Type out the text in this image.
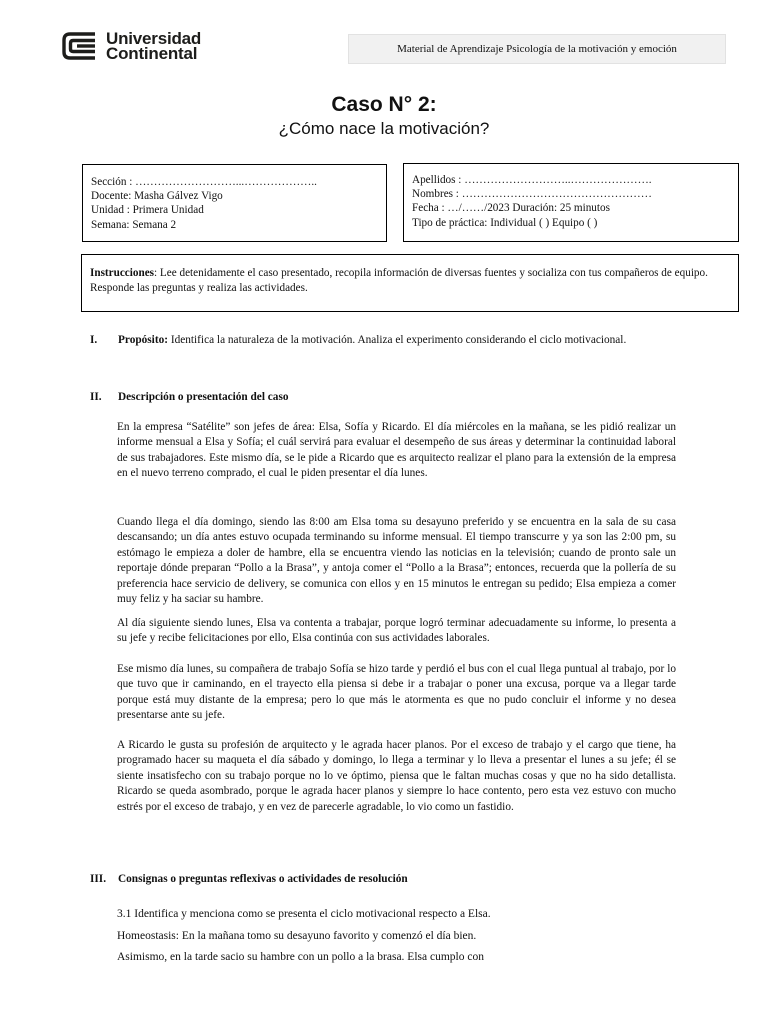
Universidad
Continental	Material de Aprendizaje Psicología de la motivación y emoción
Caso N° 2:
¿Cómo nace la motivación?
Sección : ………………………...………………..
Docente: Masha Gálvez Vigo
Unidad : Primera Unidad
Semana: Semana 2
Apellidos : ………………………..………………….
Nombres : ……………………………………………
Fecha : …/……/2023 Duración: 25 minutos
Tipo de práctica: Individual ( ) Equipo ( )
Instrucciones: Lee detenidamente el caso presentado, recopila información de diversas fuentes y socializa con tus compañeros de equipo. Responde las preguntas y realiza las actividades.
I. Propósito: Identifica la naturaleza de la motivación. Analiza el experimento considerando el ciclo motivacional.
II. Descripción o presentación del caso
En la empresa “Satélite” son jefes de área: Elsa, Sofía y Ricardo. El día miércoles en la mañana, se les pidió realizar un informe mensual a Elsa y Sofía; el cuál servirá para evaluar el desempeño de sus áreas y determinar la continuidad laboral de sus trabajadores. Este mismo día, se le pide a Ricardo que es arquitecto realizar el plano para la extensión de la empresa en el nuevo terreno comprado, el cual le piden presentar el día lunes.
Cuando llega el día domingo, siendo las 8:00 am Elsa toma su desayuno preferido y se encuentra en la sala de su casa descansando; un día antes estuvo ocupada terminando su informe mensual. El tiempo transcurre y ya son las 2:00 pm, su estómago le empieza a doler de hambre, ella se encuentra viendo las noticias en la televisión; cuando de pronto sale un reportaje dónde preparan “Pollo a la Brasa”, y antoja comer el “Pollo a la Brasa”; entonces, recuerda que la pollería de su preferencia hace servicio de delivery, se comunica con ellos y en 15 minutos le entregan su pedido; Elsa empieza a comer muy feliz y ha saciar su hambre.
Al día siguiente siendo lunes, Elsa va contenta a trabajar, porque logró terminar adecuadamente su informe, lo presenta a su jefe y recibe felicitaciones por ello, Elsa continúa con sus actividades laborales.
Ese mismo día lunes, su compañera de trabajo Sofía se hizo tarde y perdió el bus con el cual llega puntual al trabajo, por lo que tuvo que ir caminando, en el trayecto ella piensa si debe ir a trabajar o poner una excusa, porque va a llegar tarde porque está muy distante de la empresa; pero lo que más le atormenta es que no pudo concluir el informe y no desea presentarse ante su jefe.
A Ricardo le gusta su profesión de arquitecto y le agrada hacer planos. Por el exceso de trabajo y el cargo que tiene, ha programado hacer su maqueta el día sábado y domingo, lo llega a terminar y lo lleva a presentar el lunes a su jefe; él se siente insatisfecho con su trabajo porque no lo ve óptimo, piensa que le faltan muchas cosas y que no ha sido detallista. Ricardo se queda asombrado, porque le agrada hacer planos y siempre lo hace contento, pero esta vez estuvo con mucho estrés por el exceso de trabajo, y en vez de parecerle agradable, lo vio como un fastidio.
III. Consignas o preguntas reflexivas o actividades de resolución
3.1 Identifica y menciona como se presenta el ciclo motivacional respecto a Elsa.
Homeostasis: En la mañana tomo su desayuno favorito y comenzó el día bien.
Asimismo, en la tarde sacio su hambre con un pollo a la brasa. Elsa cumplo con
